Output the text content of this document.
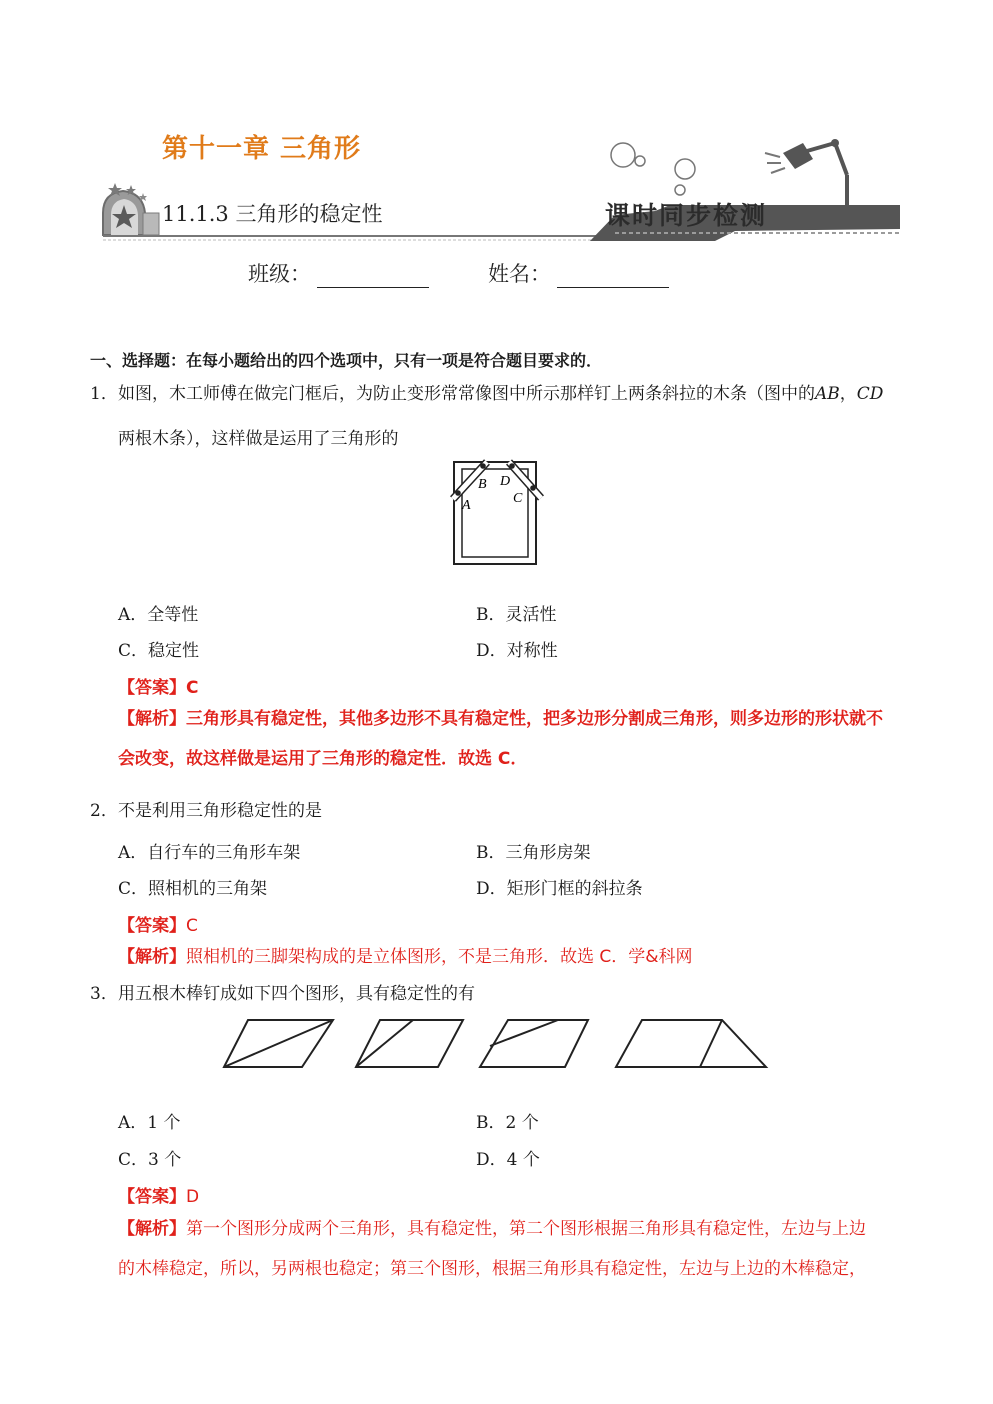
第十一章 三角形
11.1.3 三角形的稳定性	课时同步检测
班级：	姓名：
一、选择题：在每小题给出的四个选项中，只有一项是符合题目要求的．
1．如图，木工师傅在做完门框后，为防止变形常常像图中所示那样钉上两条斜拉的木条（图中的AB，CD
两根木条），这样做是运用了三角形的
A
B D
C
A．全等性	B．灵活性
C．稳定性	D．对称性
【答案】C
【解析】三角形具有稳定性，其他多边形不具有稳定性，把多边形分割成三角形，则多边形的形状就不
会改变，故这样做是运用了三角形的稳定性．故选 C．
2．不是利用三角形稳定性的是
A．自行车的三角形车架	B．三角形房架
C．照相机的三角架	D．矩形门框的斜拉条
【答案】C
【解析】照相机的三脚架构成的是立体图形，不是三角形．故选 C．学&科网
3．用五根木棒钉成如下四个图形，具有稳定性的有
A．1 个	B．2 个
C．3 个	D．4 个
【答案】D
【解析】第一个图形分成两个三角形，具有稳定性，第二个图形根据三角形具有稳定性，左边与上边
的木棒稳定，所以，另两根也稳定；第三个图形，根据三角形具有稳定性，左边与上边的木棒稳定，
